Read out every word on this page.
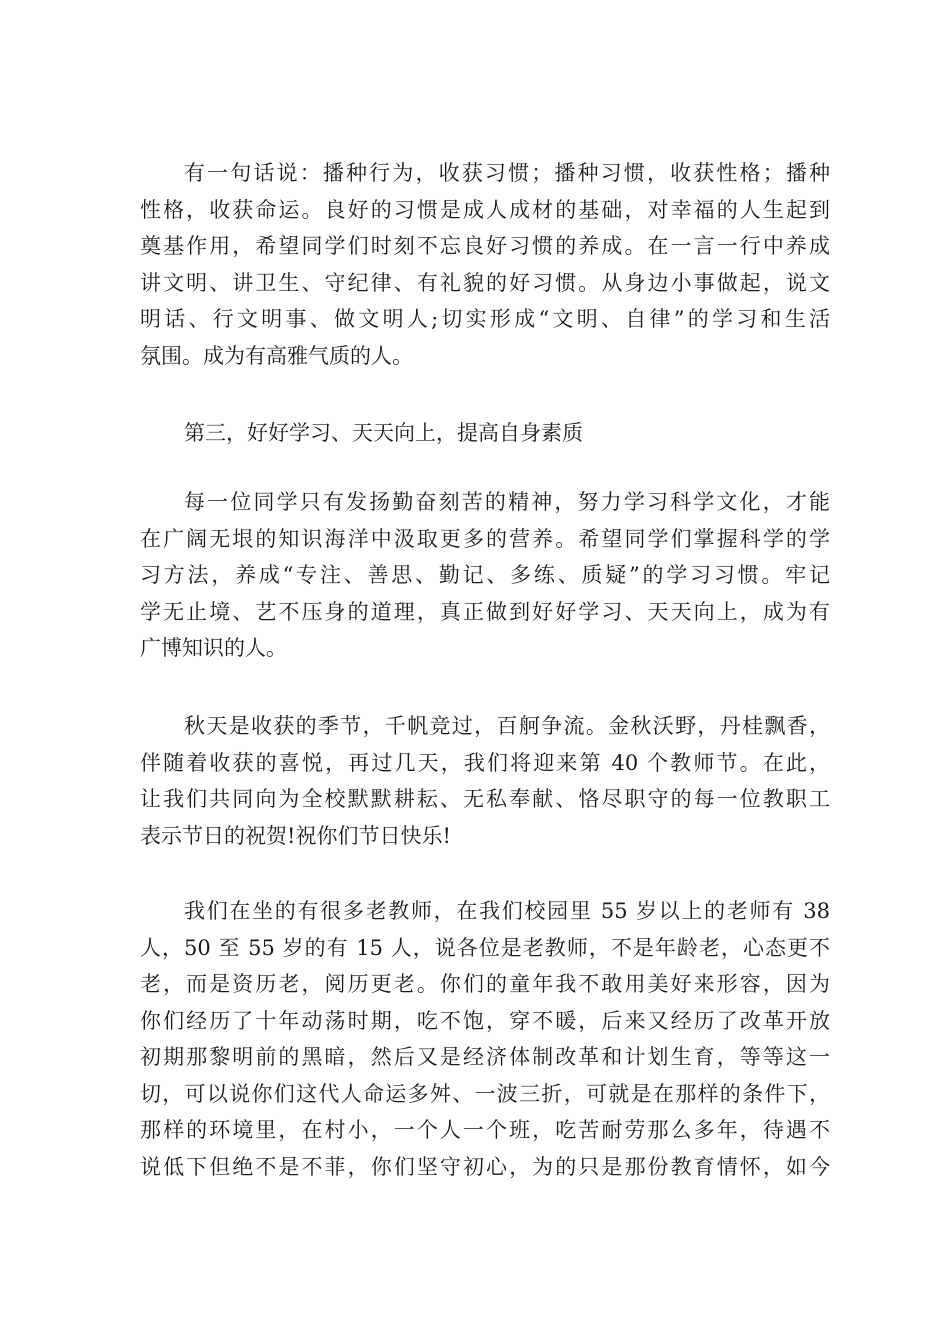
有一句话说：播种行为，收获习惯；播种习惯，收获性格；播种
性格，收获命运。良好的习惯是成人成材的基础，对幸福的人生起到
奠基作用，希望同学们时刻不忘良好习惯的养成。在一言一行中养成
讲文明、讲卫生、守纪律、有礼貌的好习惯。从身边小事做起，说文
明话、行文明事、做文明人;切实形成“文明、自律”的学习和生活
氛围。成为有高雅气质的人。
第三，好好学习、天天向上，提高自身素质
每一位同学只有发扬勤奋刻苦的精神，努力学习科学文化，才能
在广阔无垠的知识海洋中汲取更多的营养。希望同学们掌握科学的学
习方法，养成“专注、善思、勤记、多练、质疑”的学习习惯。牢记
学无止境、艺不压身的道理，真正做到好好学习、天天向上，成为有
广博知识的人。
秋天是收获的季节，千帆竞过，百舸争流。金秋沃野，丹桂飘香，
伴随着收获的喜悦，再过几天，我们将迎来第 40 个教师节。在此，
让我们共同向为全校默默耕耘、无私奉献、恪尽职守的每一位教职工
表示节日的祝贺!祝你们节日快乐!
我们在坐的有很多老教师，在我们校园里 55 岁以上的老师有 38
人，50 至 55 岁的有 15 人，说各位是老教师，不是年龄老，心态更不
老，而是资历老，阅历更老。你们的童年我不敢用美好来形容，因为
你们经历了十年动荡时期，吃不饱，穿不暖，后来又经历了改革开放
初期那黎明前的黑暗，然后又是经济体制改革和计划生育，等等这一
切，可以说你们这代人命运多舛、一波三折，可就是在那样的条件下，
那样的环境里，在村小，一个人一个班，吃苦耐劳那么多年，待遇不
说低下但绝不是不菲，你们坚守初心，为的只是那份教育情怀，如今
